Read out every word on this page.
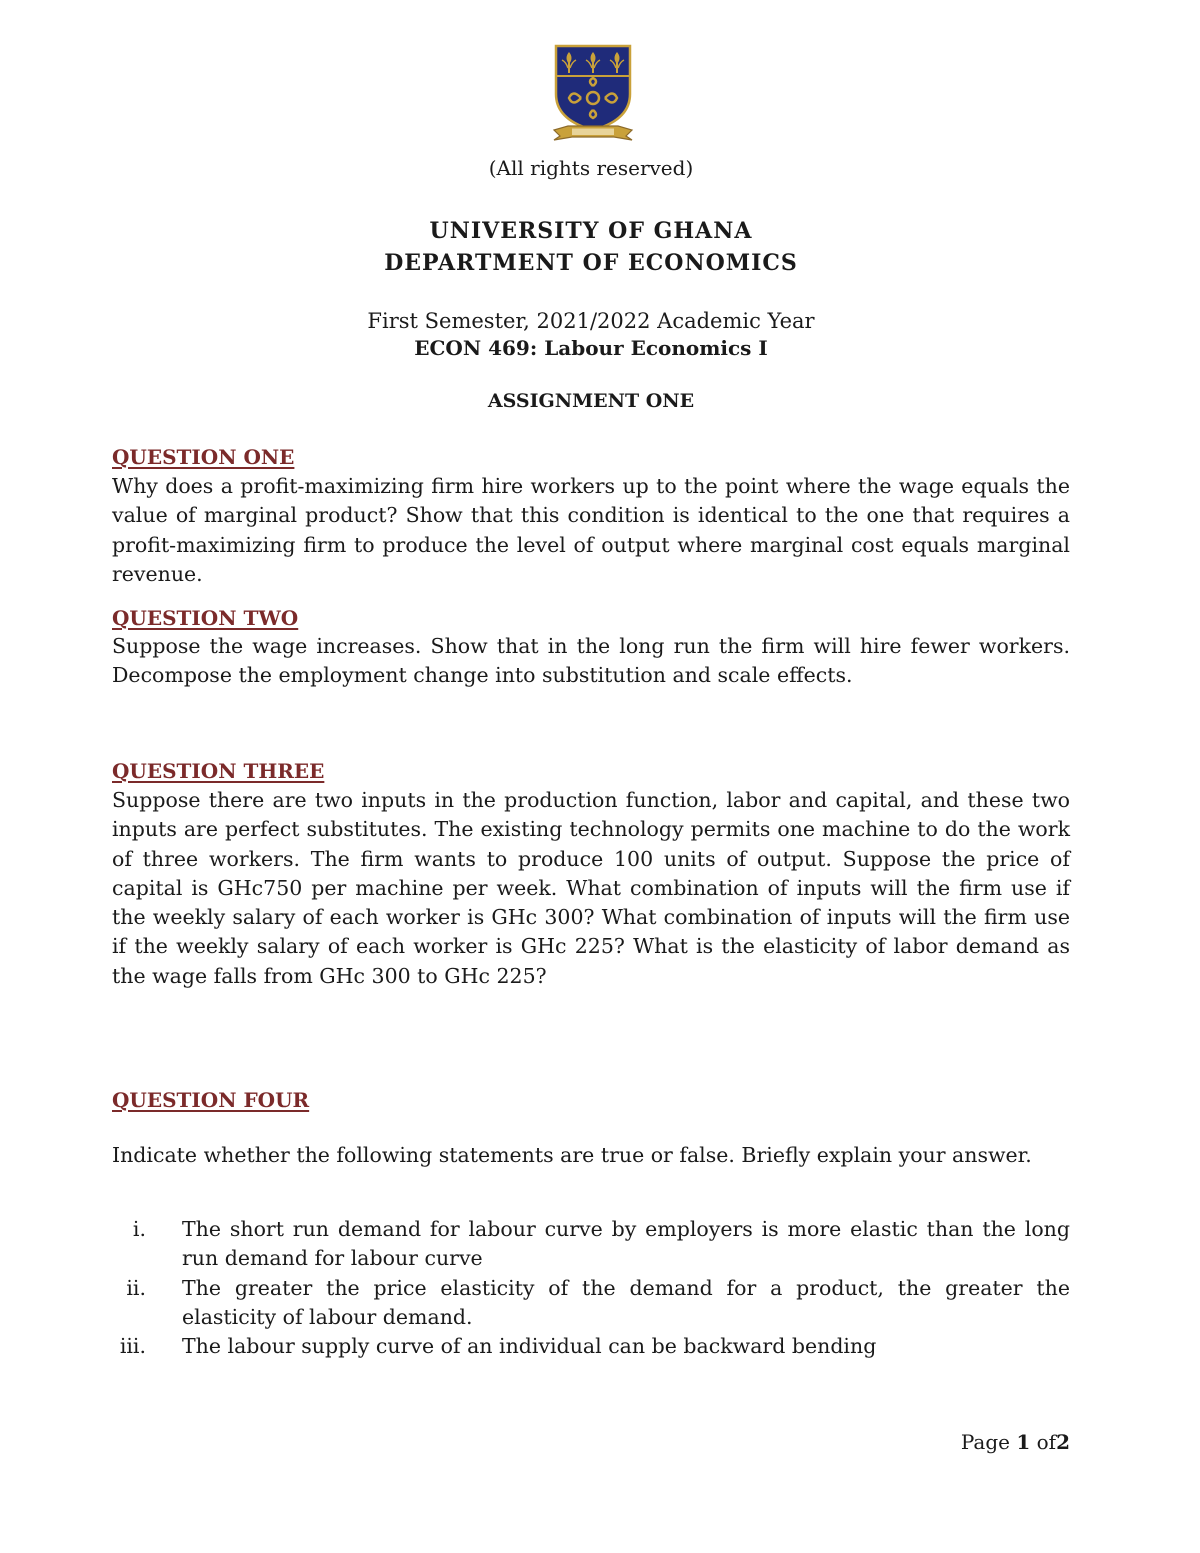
(All rights reserved)
UNIVERSITY OF GHANA
DEPARTMENT OF ECONOMICS
First Semester, 2021/2022 Academic Year
ECON 469: Labour Economics I
ASSIGNMENT ONE
QUESTION ONE
Why does a profit-maximizing firm hire workers up to the point where the wage equals the value of marginal product? Show that this condition is identical to the one that requires a profit-maximizing firm to produce the level of output where marginal cost equals marginal revenue.
QUESTION TWO
Suppose the wage increases. Show that in the long run the firm will hire fewer workers. Decompose the employment change into substitution and scale effects.
QUESTION THREE
Suppose there are two inputs in the production function, labor and capital, and these two inputs are perfect substitutes. The existing technology permits one machine to do the work of three workers. The firm wants to produce 100 units of output. Suppose the price of capital is GHc750 per machine per week. What combination of inputs will the firm use if the weekly salary of each worker is GHc 300? What combination of inputs will the firm use if the weekly salary of each worker is GHc 225? What is the elasticity of labor demand as the wage falls from GHc 300 to GHc 225?
QUESTION FOUR
Indicate whether the following statements are true or false. Briefly explain your answer.
i. The short run demand for labour curve by employers is more elastic than the long run demand for labour curve
ii. The greater the price elasticity of the demand for a product, the greater the elasticity of labour demand.
iii. The labour supply curve of an individual can be backward bending
Page 1 of2
